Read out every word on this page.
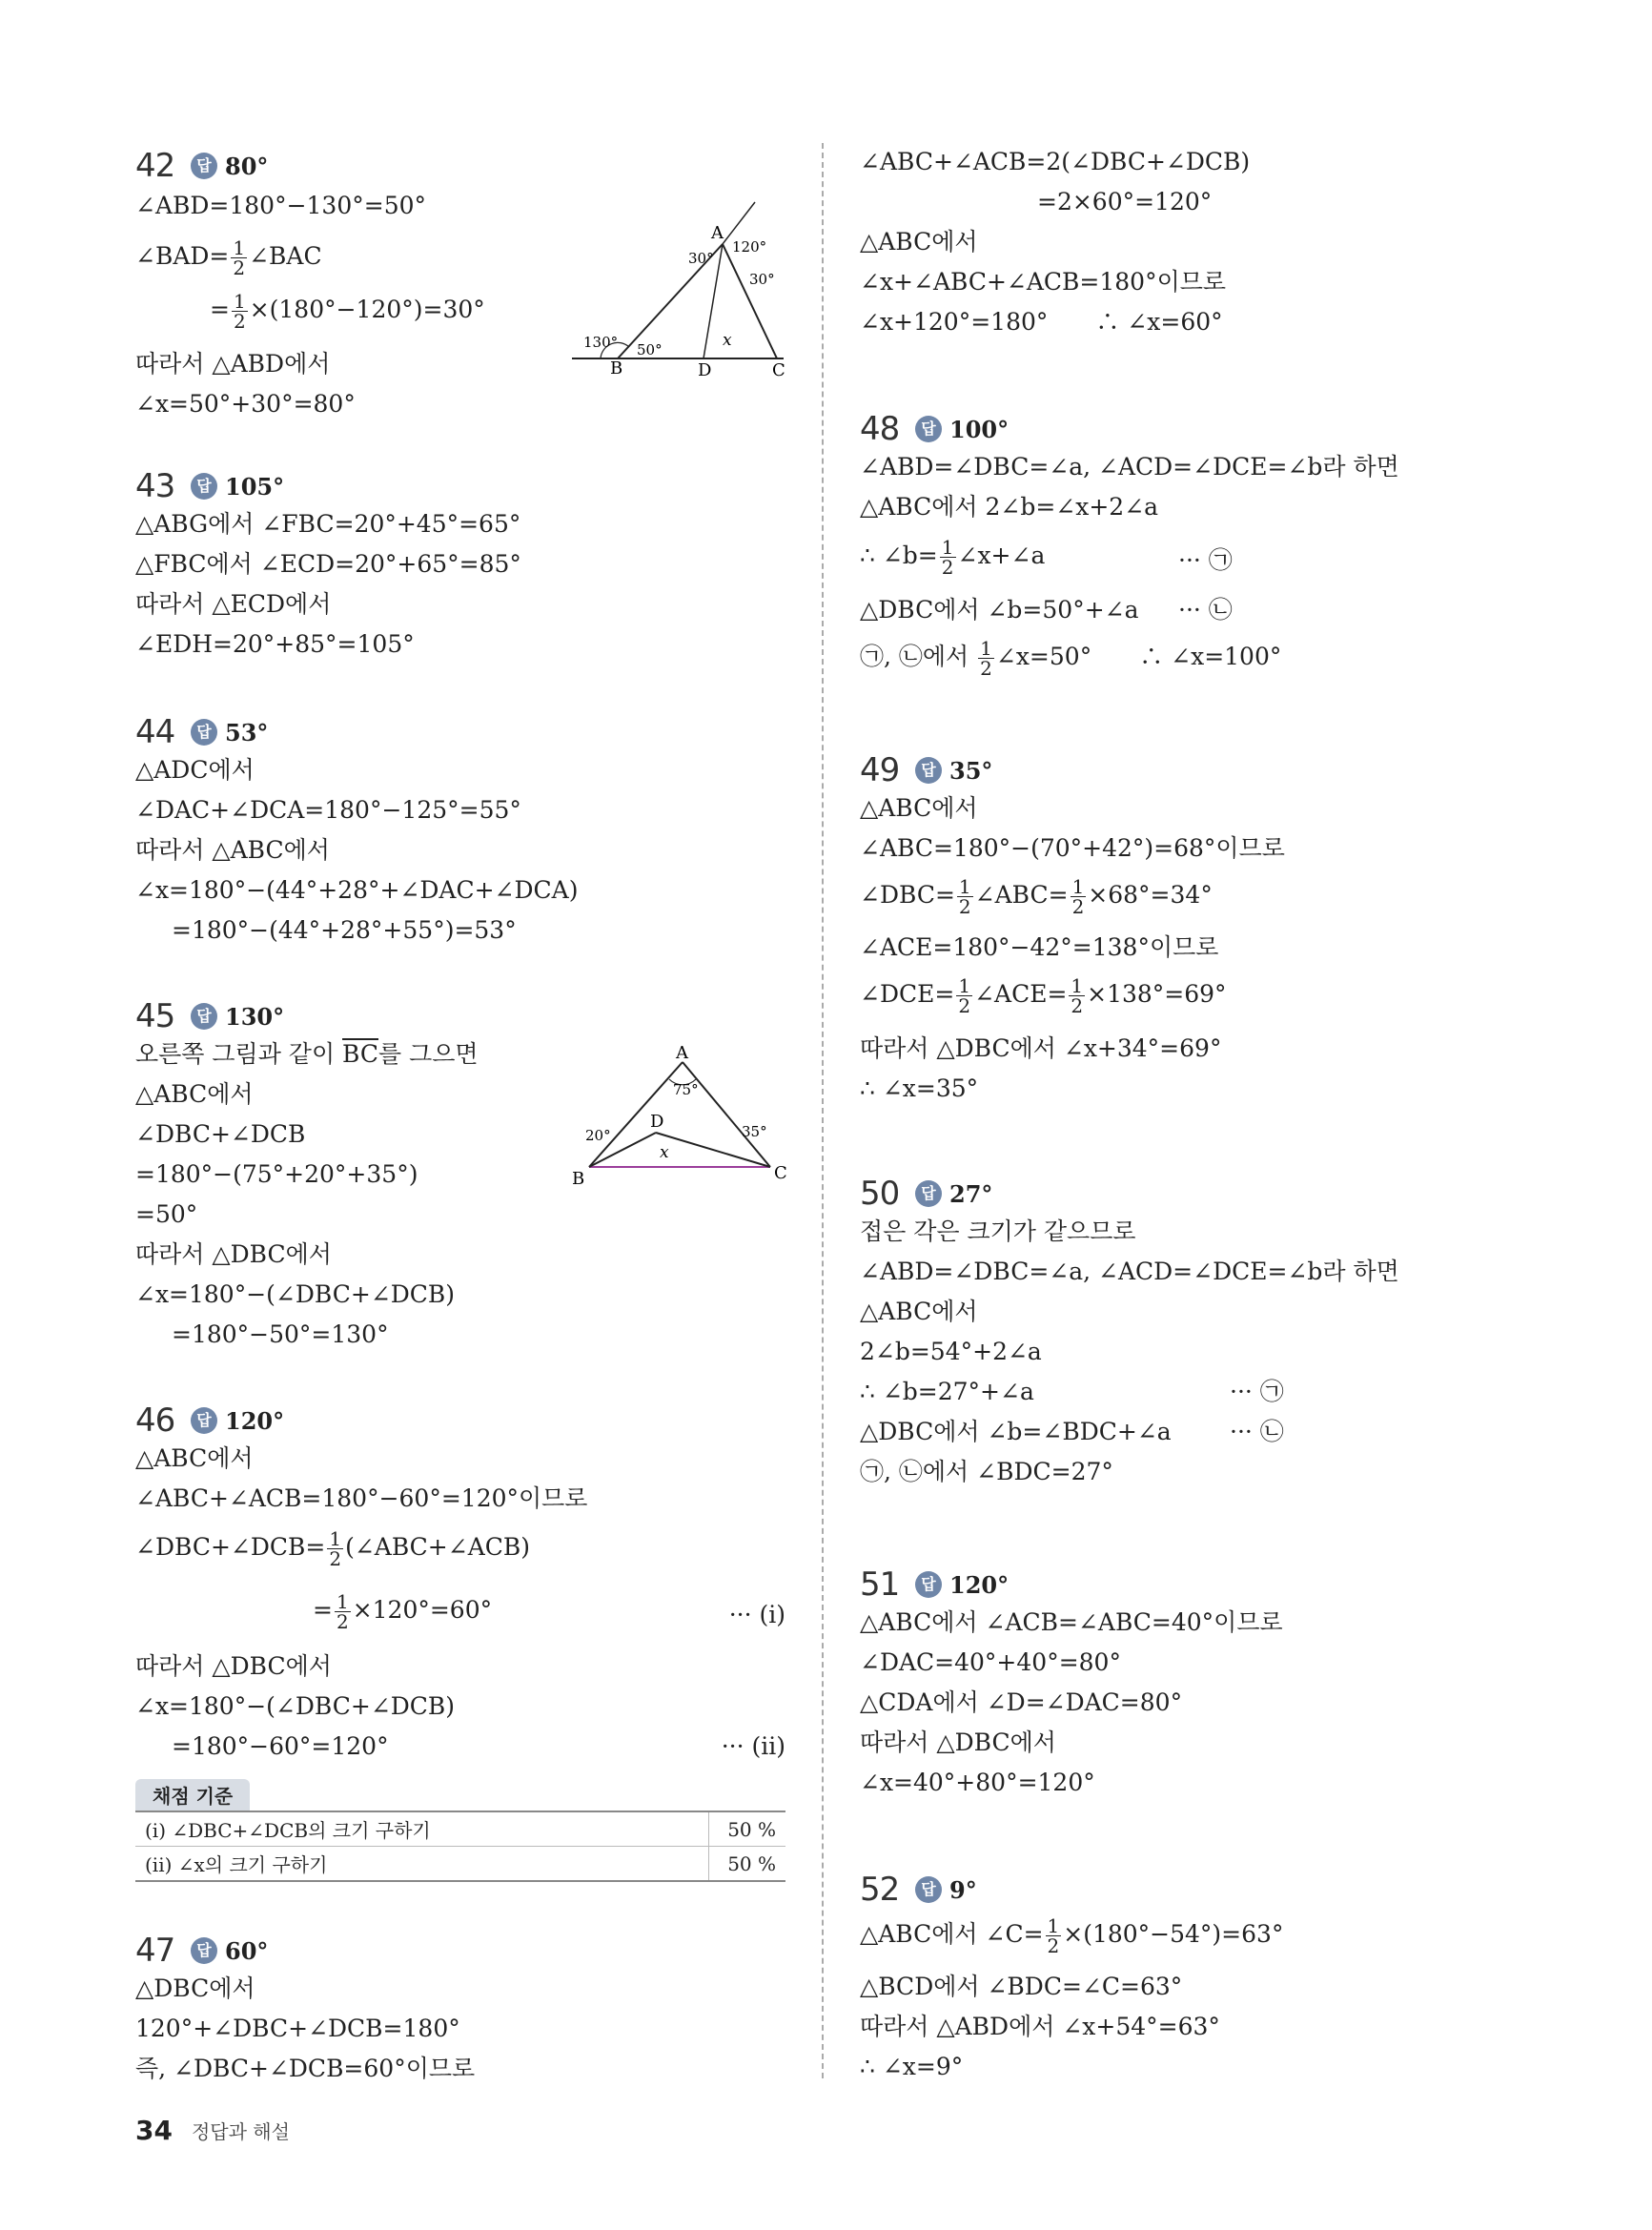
42	답 80°
∠ABD=180°−130°=50°
∠BAD= $\frac{1}{2}$ ∠BAC
= $\frac{1}{2} \times(180^\circ-120^\circ)=30^\circ$
따라서 △ABD에서
∠x=50°+30°=80°
B	D	C
A
x
120°
30°
30°
130° 50°
43	답 105°
△ABG에서 ∠FBC=20°+45°=65°
△FBC에서 ∠ECD=20°+65°=85°
따라서 △ECD에서
∠EDH=20°+85°=105°
44	답 53°
△ADC에서
∠DAC+∠DCA=180°−125°=55°
따라서 △ABC에서
∠x=180°−(44°+28°+∠DAC+∠DCA)
=180°−(44°+28°+55°)=53°
45	답 130°
오른쪽 그림과 같이 $\overline{BC}$를 그으면
△ABC에서
∠DBC+∠DCB
=180°−(75°+20°+35°)
=50°
따라서 △DBC에서
∠x=180°−(∠DBC+∠DCB)
=180°−50°=130°
A
B	C
D
x
75°
20°	35°
46	답 120°
△ABC에서
∠ABC+∠ACB=180°−60°=120°이므로
∠DBC+∠DCB= $\frac{1}{2}$ (∠ABC+∠ACB)
= $\frac{1}{2} \times 120^\circ=60^\circ$	··· (i)
따라서 △DBC에서
∠x=180°−(∠DBC+∠DCB)
=180°−60°=120°	··· (ii)
채점 기준
(i) ∠DBC+∠DCB의 크기 구하기	50 %
(ii) ∠x의 크기 구하기	50 %
47	답 60°
△DBC에서
120°+∠DBC+∠DCB=180°
즉, ∠DBC+∠DCB=60°이므로
∠ABC+∠ACB=2(∠DBC+∠DCB)
=2×60°=120°
△ABC에서
∠x+∠ABC+∠ACB=180°이므로
∠x+120°=180°　　∴ ∠x=60°
48	답 100°
∠ABD=∠DBC=∠a, ∠ACD=∠DCE=∠b라 하면
△ABC에서 2∠b=∠x+2∠a
∴ ∠b= $\frac{1}{2}$ ∠x+∠a	··· ㉠
△DBC에서 ∠b=50°+∠a ··· ㉡
㉠, ㉡에서 $\frac{1}{2}$ ∠x=50°　　∴ ∠x=100°
49	답 35°
△ABC에서
∠ABC=180°−(70°+42°)=68°이므로
∠DBC= $\frac{1}{2}$ ∠ABC= $\frac{1}{2} \times 68^\circ=34^\circ$
∠ACE=180°−42°=138°이므로
∠DCE= $\frac{1}{2}$ ∠ACE= $\frac{1}{2} \times 138^\circ=69^\circ$
따라서 △DBC에서 ∠x+34°=69°
∴ ∠x=35°
50	답 27°
접은 각은 크기가 같으므로
∠ABD=∠DBC=∠a, ∠ACD=∠DCE=∠b라 하면
△ABC에서
2∠b=54°+2∠a
∴ ∠b=27°+∠a	··· ㉠
△DBC에서 ∠b=∠BDC+∠a ··· ㉡
㉠, ㉡에서 ∠BDC=27°
51	답 120°
△ABC에서 ∠ACB=∠ABC=40°이므로
∠DAC=40°+40°=80°
△CDA에서 ∠D=∠DAC=80°
따라서 △DBC에서
∠x=40°+80°=120°
52	답 9°
△ABC에서 ∠C= $\frac{1}{2} \times(180^\circ-54^\circ)=63^\circ$
△BCD에서 ∠BDC=∠C=63°
따라서 △ABD에서 ∠x+54°=63°
∴ ∠x=9°
34 정답과 해설
